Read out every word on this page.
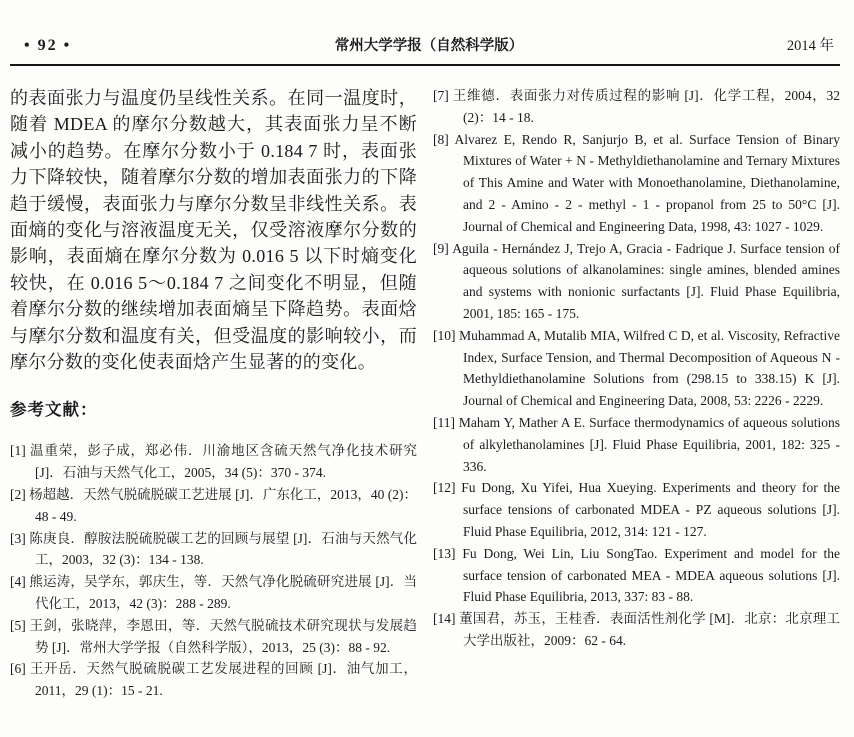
• 92 •	常州大学学报（自然科学版）	2014 年
的表面张力与温度仍呈线性关系。在同一温度时，随着 MDEA 的摩尔分数越大，其表面张力呈不断减小的趋势。在摩尔分数小于 0.184 7 时，表面张力下降较快，随着摩尔分数的增加表面张力的下降趋于缓慢，表面张力与摩尔分数呈非线性关系。表面熵的变化与溶液温度无关，仅受溶液摩尔分数的影响，表面熵在摩尔分数为 0.016 5 以下时熵变化较快，在 0.016 5～0.184 7 之间变化不明显，但随着摩尔分数的继续增加表面熵呈下降趋势。表面焓与摩尔分数和温度有关，但受温度的影响较小，而摩尔分数的变化使表面焓产生显著的的变化。
参考文献：
[1] 温重荣，彭子成，郑必伟．川渝地区含硫天然气净化技术研究 [J]．石油与天然气化工，2005，34 (5)：370 - 374.
[2] 杨超越．天然气脱硫脱碳工艺进展 [J]．广东化工，2013，40 (2)：48 - 49.
[3] 陈庚良．醇胺法脱硫脱碳工艺的回顾与展望 [J]．石油与天然气化工，2003，32 (3)：134 - 138.
[4] 熊运涛，吴学东，郭庆生，等．天然气净化脱硫研究进展 [J]．当代化工，2013，42 (3)：288 - 289.
[5] 王剑，张晓萍，李恩田，等．天然气脱硫技术研究现状与发展趋势 [J]．常州大学学报（自然科学版），2013，25 (3)：88 - 92.
[6] 王开岳．天然气脱硫脱碳工艺发展进程的回顾 [J]．油气加工，2011，29 (1)：15 - 21.
[7] 王维德．表面张力对传质过程的影响 [J]．化学工程，2004，32 (2)：14 - 18.
[8] Alvarez E, Rendo R, Sanjurjo B, et al. Surface Tension of Binary Mixtures of Water + N - Methyldiethanolamine and Ternary Mixtures of This Amine and Water with Monoethanolamine, Diethanolamine, and 2 - Amino - 2 - methyl - 1 - propanol from 25 to 50°C [J]. Journal of Chemical and Engineering Data, 1998, 43: 1027 - 1029.
[9] Aguila - Hernández J, Trejo A, Gracia - Fadrique J. Surface tension of aqueous solutions of alkanolamines: single amines, blended amines and systems with nonionic surfactants [J]. Fluid Phase Equilibria, 2001, 185: 165 - 175.
[10] Muhammad A, Mutalib MIA, Wilfred C D, et al. Viscosity, Refractive Index, Surface Tension, and Thermal Decomposition of Aqueous N - Methyldiethanolamine Solutions from (298.15 to 338.15) K [J]. Journal of Chemical and Engineering Data, 2008, 53: 2226 - 2229.
[11] Maham Y, Mather A E. Surface thermodynamics of aqueous solutions of alkylethanolamines [J]. Fluid Phase Equilibria, 2001, 182: 325 - 336.
[12] Fu Dong, Xu Yifei, Hua Xueying. Experiments and theory for the surface tensions of carbonated MDEA - PZ aqueous solutions [J]. Fluid Phase Equilibria, 2012, 314: 121 - 127.
[13] Fu Dong, Wei Lin, Liu SongTao. Experiment and model for the surface tension of carbonated MEA - MDEA aqueous solutions [J]. Fluid Phase Equilibria, 2013, 337: 83 - 88.
[14] 董国君，苏玉，王桂香．表面活性剂化学 [M]．北京：北京理工大学出版社，2009：62 - 64.
